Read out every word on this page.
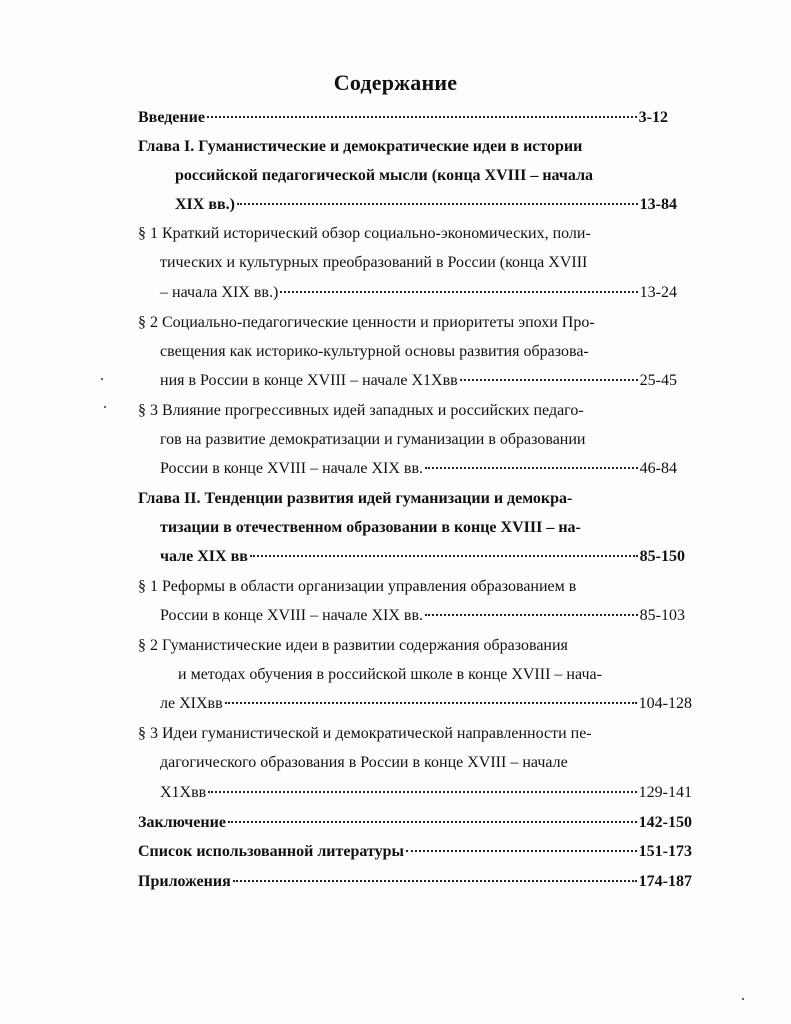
Содержание
Введение	3-12
Глава I. Гуманистические и демократические идеи в истории
российской педагогической мысли (конца XVIII – начала
XIX вв.)	13-84
§ 1 Краткий исторический обзор социально-экономических, поли-
тических и культурных преобразований в России (конца XVIII
– начала XIX вв.)	13-24
§ 2 Социально-педагогические ценности и приоритеты эпохи Про-
свещения как историко-культурной основы развития образова-
ния в России в конце XVIII – начале X1Xвв	25-45
§ 3 Влияние прогрессивных идей западных и российских педаго-
гов на развитие демократизации и гуманизации в образовании
России в конце XVIII – начале XIX вв.	46-84
Глава II. Тенденции развития идей гуманизации и демокра-
тизации в отечественном образовании в конце XVIII – на-
чале XIX вв	85-150
§ 1 Реформы в области организации управления образованием в
России в конце XVIII – начале XIX вв.	85-103
§ 2 Гуманистические идеи в развитии содержания образования
и методах обучения в российской школе в конце XVIII – нача-
ле XIXвв	104-128
§ 3 Идеи гуманистической и демократической направленности пе-
дагогического образования в России в конце XVIII – начале
X1Xвв	129-141
Заключение	142-150
Список использованной литературы	151-173
Приложения	174-187
